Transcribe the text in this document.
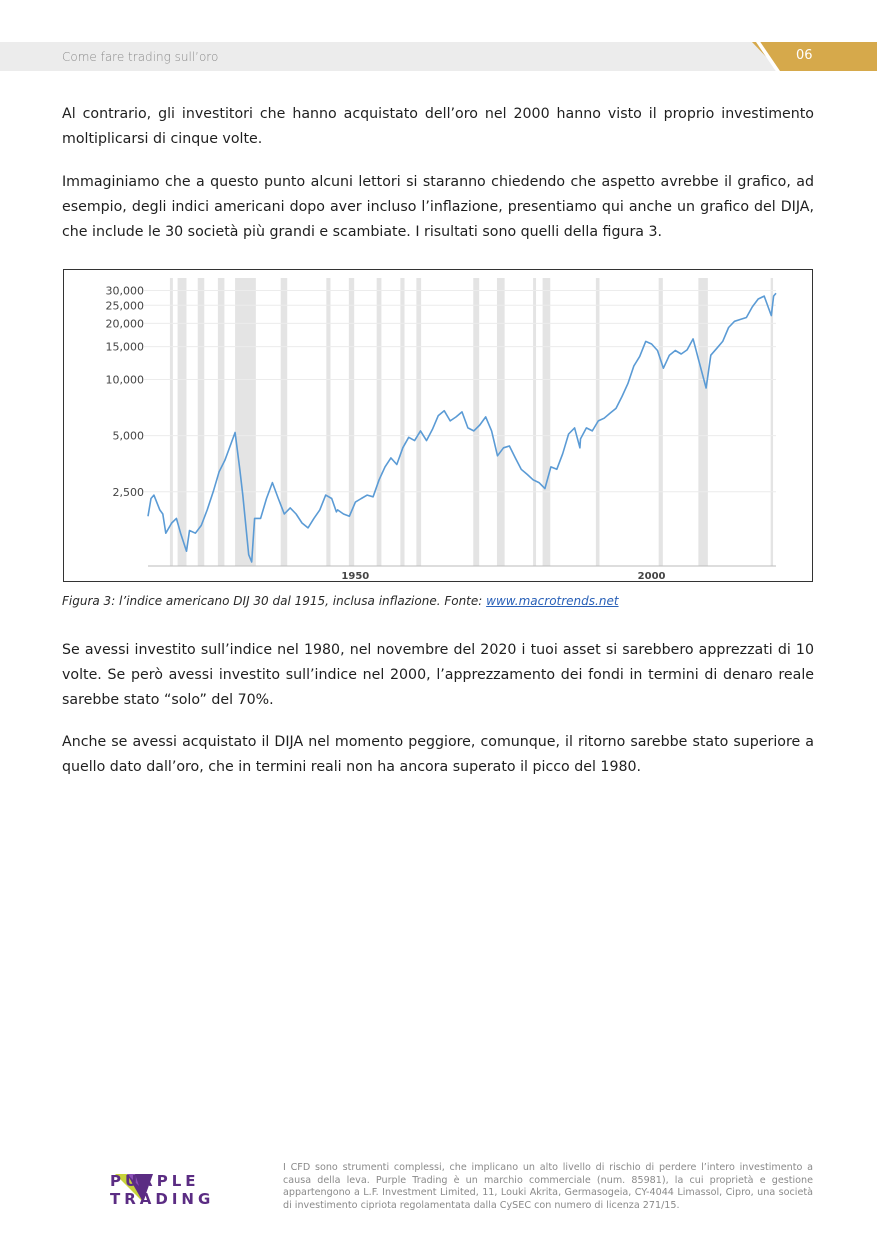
Come fare trading sull’oro	06
Al contrario, gli investitori che hanno acquistato dell’oro nel 2000 hanno visto il proprio investimento moltiplicarsi di cinque volte.
Immaginiamo che a questo punto alcuni lettori si staranno chiedendo che aspetto avrebbe il grafico, ad esempio, degli indici americani dopo aver incluso l’inflazione, presentiamo qui anche un grafico del DIJA, che include le 30 società più grandi e scambiate. I risultati sono quelli della figura 3.
2,500
5,000
10,000
15,000
20,000
25,000
30,000
1950	2000
Figura 3: l’indice americano DIJ 30 dal 1915, inclusa inflazione. Fonte: www.macrotrends.net
Se avessi investito sull’indice nel 1980, nel novembre del 2020 i tuoi asset si sarebbero apprezzati di 10 volte. Se però avessi investito sull’indice nel 2000, l’apprezzamento dei fondi in termini di denaro reale sarebbe stato “solo” del 70%.
Anche se avessi acquistato il DIJA nel momento peggiore, comunque, il ritorno sarebbe stato superiore a quello dato dall’oro, che in termini reali non ha ancora superato il picco del 1980.
PURPLE
TRADING
I CFD sono strumenti complessi, che implicano un alto livello di rischio di perdere l’intero investimento a causa della leva. Purple Trading è un marchio commerciale (num. 85981), la cui proprietà e gestione appartengono a L.F. Investment Limited, 11, Louki Akrita, Germasogeia, CY-4044 Limassol, Cipro, una società di investimento cipriota regolamentata dalla CySEC con numero di licenza 271/15.
